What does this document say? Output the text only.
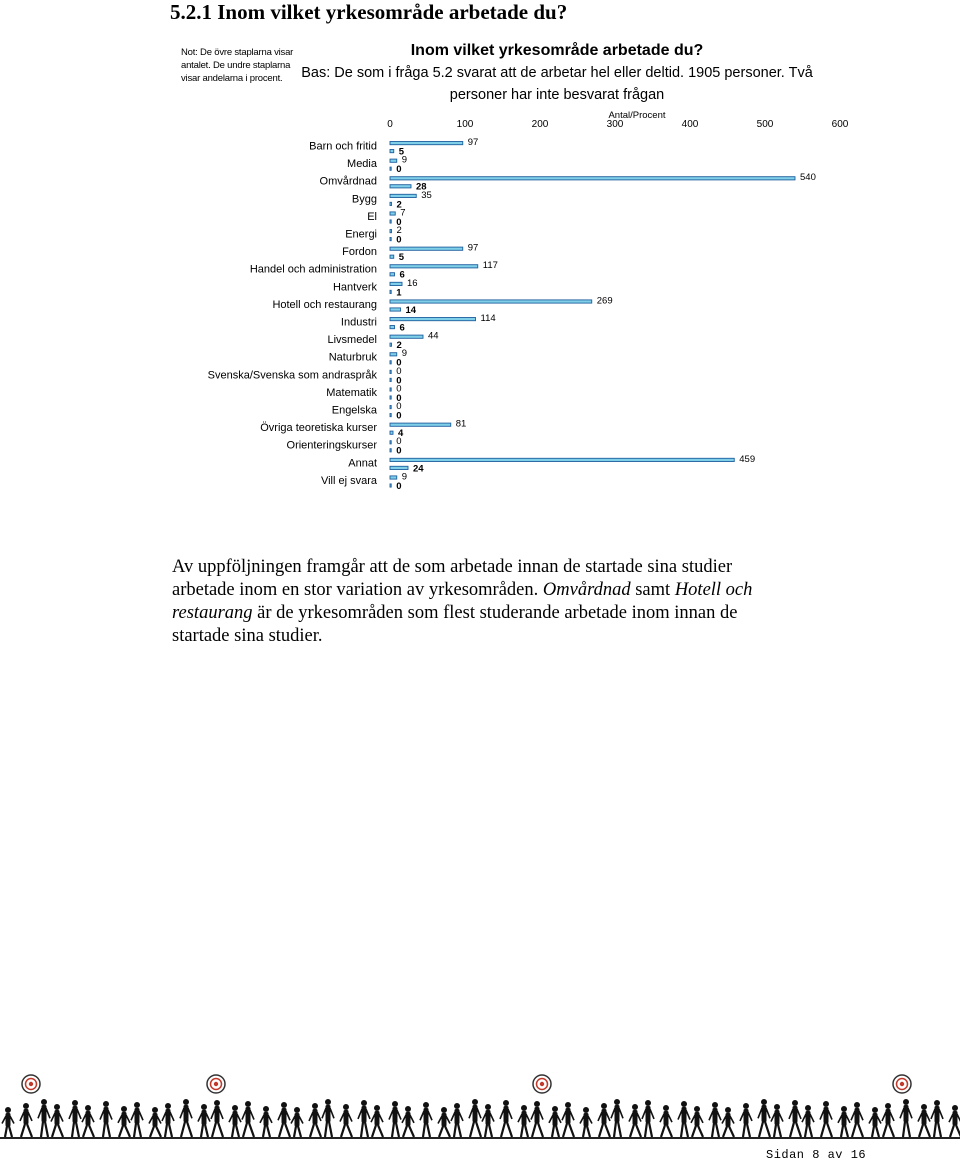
5.2.1 Inom vilket yrkesområde arbetade du?
Not: De övre staplarna visar antalet. De undre staplarna visar andelarna i procent.
Inom vilket yrkesområde arbetade du?
Bas: De som i fråga 5.2 svarat att de arbetar hel eller deltid. 1905 personer. Två
personer har inte besvarat frågan
Antal/Procent
0	100	200	300	400	500	600
Barn och fritid	97
5
Media	9
0
Omvårdnad	540
28
Bygg	35
2
El 7
0
Energi 2
0
Fordon	97
5
Handel och administration	117
6
Hantverk	16
1
Hotell och restaurang	269
14
Industri	114
6
Livsmedel	44
2
Naturbruk	9
0
Svenska/Svenska som andraspråk 0
0
Matematik 0
0
Engelska 0
0
Övriga teoretiska kurser	81
4
Orienteringskurser 0
0
Annat	459
24
Vill ej svara	9
0
Av uppföljningen framgår att de som arbetade innan de startade sina studier arbetade inom en stor variation av yrkesområden. Omvårdnad samt Hotell och restaurang är de yrkesområden som flest studerande arbetade inom innan de startade sina studier.
Sidan 8 av 16
